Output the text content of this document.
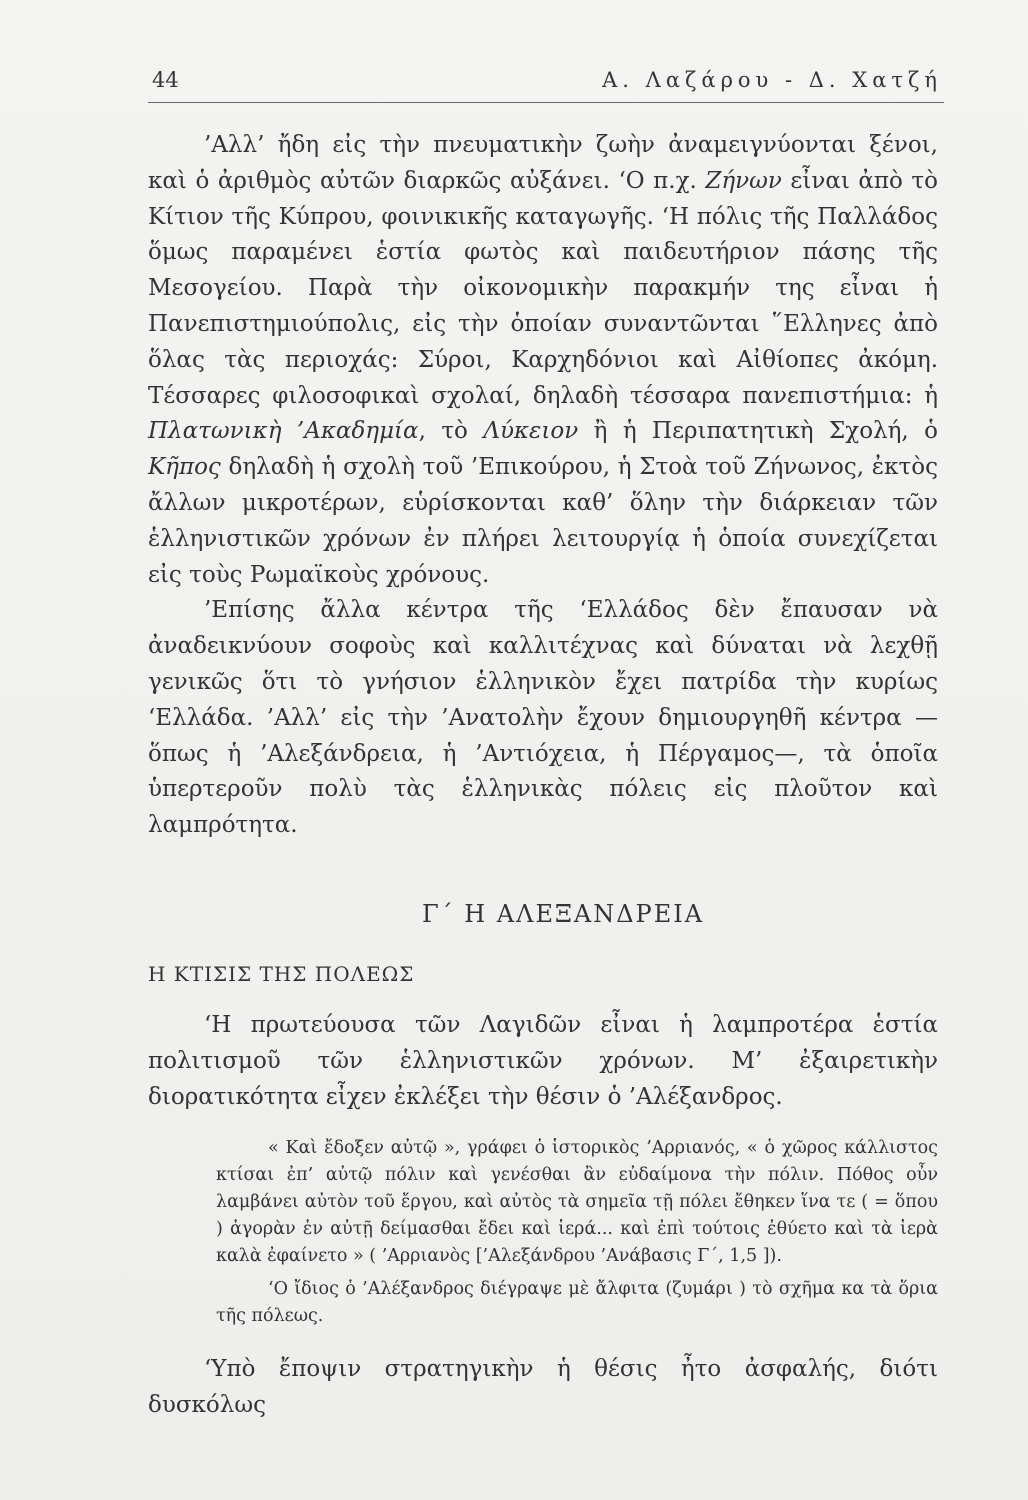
44	Α. Λαζάρου - Δ. Χατζή

’Αλλ’ ἤδη εἰς τὴν πνευματικὴν ζωὴν ἀναμειγνύονται ξένοι, καὶ ὁ ἀριθμὸς αὐτῶν διαρκῶς αὐξάνει. ‘Ο π.χ. Ζήνων εἶναι ἀπὸ τὸ Κίτιον τῆς Κύπρου, φοινικικῆς καταγωγῆς. ‘Η πόλις τῆς Παλλάδος ὅμως παραμένει ἑστία φωτὸς καὶ παιδευτήριον πάσης τῆς Μεσογείου. Παρὰ τὴν οἰκονομικὴν παρακμήν της εἶναι ἡ Πανεπιστημιούπολις, εἰς τὴν ὁποίαν συναντῶνται ῞Ελληνες ἀπὸ ὅλας τὰς περιοχάς: Σύροι, Καρχηδόνιοι καὶ Αἰθίοπες ἀκόμη. Τέσσαρες φιλοσοφικαὶ σχολαί, δηλαδὴ τέσσαρα πανεπιστήμια: ἡ Πλατωνικὴ ’Ακαδημία, τὸ Λύκειον ἢ ἡ Περιπατητικὴ Σχολή, ὁ Κῆπος δηλαδὴ ἡ σχολὴ τοῦ ’Επικούρου, ἡ Στοὰ τοῦ Ζήνωνος, ἐκτὸς ἄλλων μικροτέρων, εὑρίσκονται καθ’ ὅλην τὴν διάρκειαν τῶν ἑλληνιστικῶν χρόνων ἐν πλήρει λειτουργίᾳ ἡ ὁποία συνεχίζεται εἰς τοὺς Ρωμαϊκοὺς χρόνους.

’Επίσης ἄλλα κέντρα τῆς ‘Ελλάδος δὲν ἔπαυσαν νὰ ἀναδεικνύουν σοφοὺς καὶ καλλιτέχνας καὶ δύναται νὰ λεχθῇ γενικῶς ὅτι τὸ γνήσιον ἑλληνικὸν ἔχει πατρίδα τὴν κυρίως ‘Ελλάδα. ’Αλλ’ εἰς τὴν ’Ανατολὴν ἔχουν δημιουργηθῆ κέντρα —ὅπως ἡ ’Αλεξάνδρεια, ἡ ’Αντιόχεια, ἡ Πέργαμος—, τὰ ὁποῖα ὑπερτεροῦν πολὺ τὰς ἑλληνικὰς πόλεις εἰς πλοῦτον καὶ λαμπρότητα.

Γ΄ Η ΑΛΕΞΑΝΔΡΕΙΑ
Η ΚΤΙΣΙΣ ΤΗΣ ΠΟΛΕΩΣ

‘Η πρωτεύουσα τῶν Λαγιδῶν εἶναι ἡ λαμπροτέρα ἑστία πολιτισμοῦ τῶν ἑλληνιστικῶν χρόνων. Μ’ ἐξαιρετικὴν διορατικότητα εἶχεν ἐκλέξει τὴν θέσιν ὁ ’Αλέξανδρος.

« Καὶ ἔδοξεν αὐτῷ », γράφει ὁ ἱστορικὸς ’Αρριανός, « ὁ χῶρος κάλλιστος κτίσαι ἐπ’ αὐτῷ πόλιν καὶ γενέσθαι ἂν εὐδαίμονα τὴν πόλιν. Πόθος οὖν λαμβάνει αὐτὸν τοῦ ἔργου, καὶ αὐτὸς τὰ σημεῖα τῇ πόλει ἔθηκεν ἵνα τε ( = ὅπου ) ἀγορὰν ἐν αὐτῇ δείμασθαι ἔδει καὶ ἱερά... καὶ ἐπὶ τούτοις ἐθύετο καὶ τὰ ἱερὰ καλὰ ἐφαίνετο » ( ’Αρριανὸς [’Αλεξάνδρου ’Ανάβασις Γ΄, 1,5 ]).

‘Ο ἴδιος ὁ ’Αλέξανδρος διέγραψε μὲ ἄλφιτα (ζυμάρι ) τὸ σχῆμα κα τὰ ὅρια τῆς πόλεως.

‘Υπὸ ἔποψιν στρατηγικὴν ἡ θέσις ἦτο ἀσφαλής, διότι δυσκόλως
